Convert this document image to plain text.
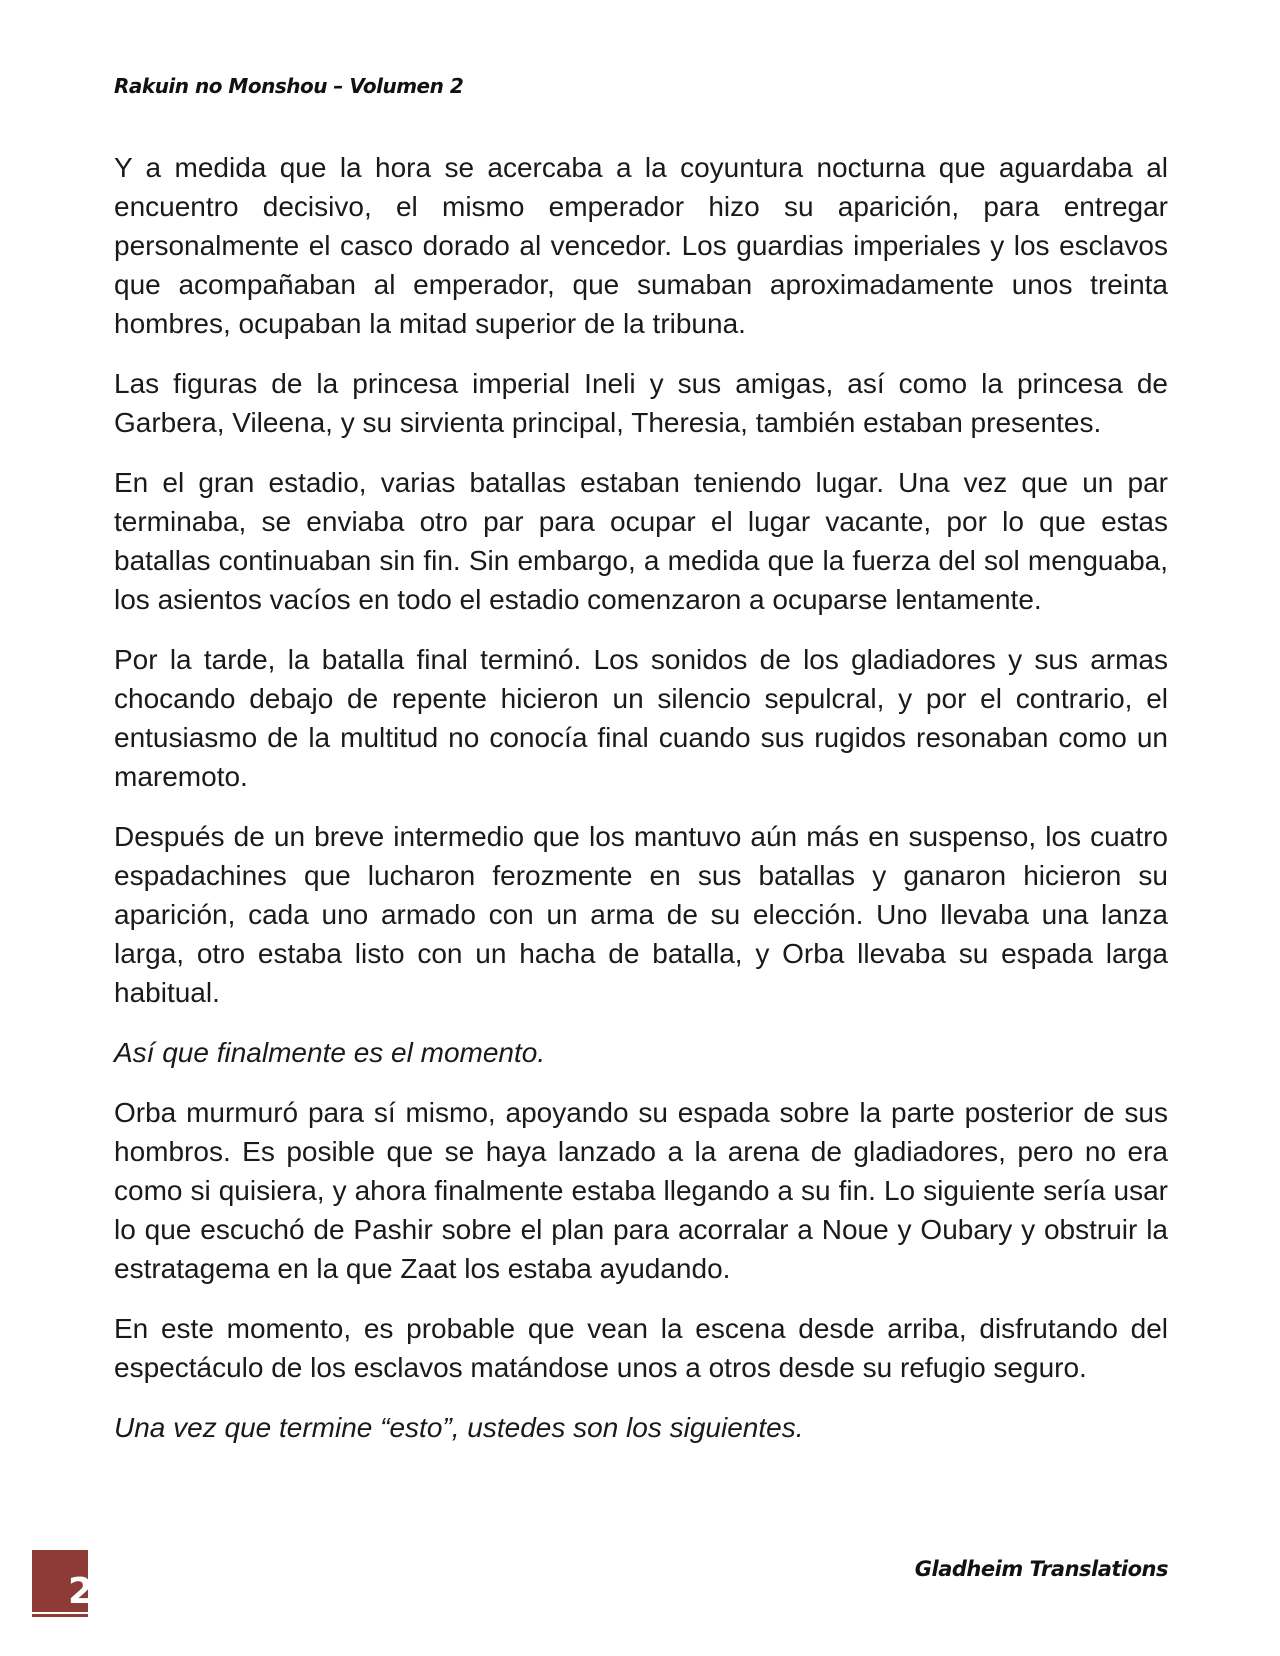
Rakuin no Monshou – Volumen 2

Y a medida que la hora se acercaba a la coyuntura nocturna que aguardaba al encuentro decisivo, el mismo emperador hizo su aparición, para entregar personalmente el casco dorado al vencedor. Los guardias imperiales y los esclavos que acompañaban al emperador, que sumaban aproximadamente unos treinta hombres, ocupaban la mitad superior de la tribuna.

Las figuras de la princesa imperial Ineli y sus amigas, así como la princesa de Garbera, Vileena, y su sirvienta principal, Theresia, también estaban presentes.

En el gran estadio, varias batallas estaban teniendo lugar. Una vez que un par terminaba, se enviaba otro par para ocupar el lugar vacante, por lo que estas batallas continuaban sin fin. Sin embargo, a medida que la fuerza del sol menguaba, los asientos vacíos en todo el estadio comenzaron a ocuparse lentamente.

Por la tarde, la batalla final terminó. Los sonidos de los gladiadores y sus armas chocando debajo de repente hicieron un silencio sepulcral, y por el contrario, el entusiasmo de la multitud no conocía final cuando sus rugidos resonaban como un maremoto.

Después de un breve intermedio que los mantuvo aún más en suspenso, los cuatro espadachines que lucharon ferozmente en sus batallas y ganaron hicieron su aparición, cada uno armado con un arma de su elección. Uno llevaba una lanza larga, otro estaba listo con un hacha de batalla, y Orba llevaba su espada larga habitual.

Así que finalmente es el momento.

Orba murmuró para sí mismo, apoyando su espada sobre la parte posterior de sus hombros. Es posible que se haya lanzado a la arena de gladiadores, pero no era como si quisiera, y ahora finalmente estaba llegando a su fin. Lo siguiente sería usar lo que escuchó de Pashir sobre el plan para acorralar a Noue y Oubary y obstruir la estratagema en la que Zaat los estaba ayudando.

En este momento, es probable que vean la escena desde arriba, disfrutando del espectáculo de los esclavos matándose unos a otros desde su refugio seguro.

Una vez que termine “esto”, ustedes son los siguientes.

2
Gladheim Translations
